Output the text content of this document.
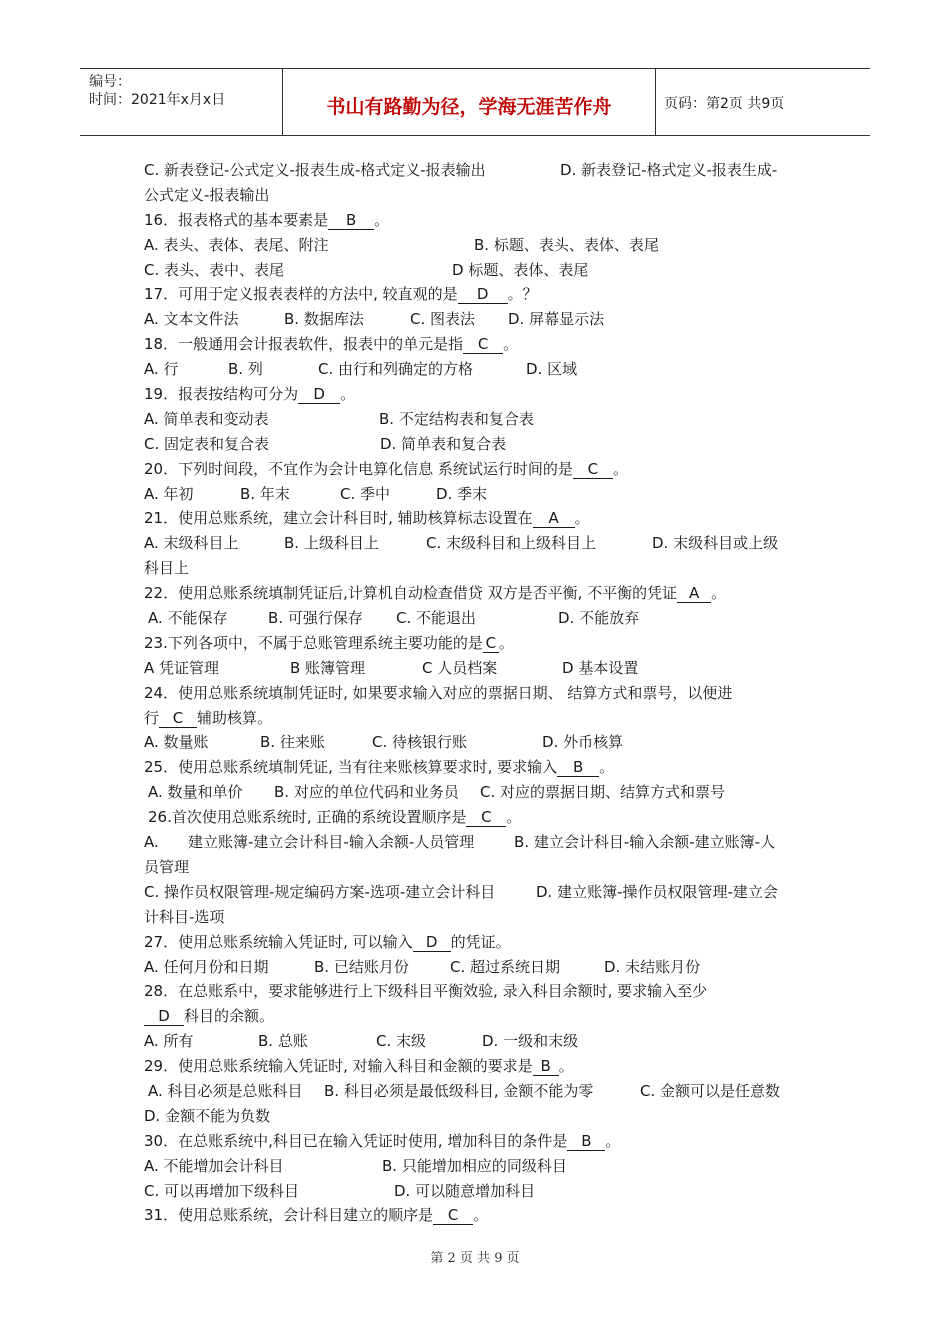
编号：
时间：2021年x月x日	书山有路勤为径，学海无涯苦作舟	页码：第2页 共9页
C. 新表登记-公式定义-报表生成-格式定义-报表输出	D. 新表登记-格式定义-报表生成-
公式定义-报表输出
16．报表格式的基本要素是 B 。
A. 表头、表体、表尾、附注	B. 标题、表头、表体、表尾
C. 表头、表中、表尾	D 标题、表体、表尾
17．可用于定义报表表样的方法中, 较直观的是 D 。？
A. 文本文件法	B. 数据库法	C. 图表法 D. 屏幕显示法
18．一般通用会计报表软件，报表中的单元是指 C 。
A. 行	B. 列	C. 由行和列确定的方格	D. 区域
19．报表按结构可分为 D 。
A. 简单表和变动表	B. 不定结构表和复合表
C. 固定表和复合表	D. 简单表和复合表
20．下列时间段，不宜作为会计电算化信息 系统试运行时间的是 C 。
A. 年初	B. 年末	C. 季中	D. 季末
21．使用总账系统，建立会计科目时, 辅助核算标志设置在 A 。
A. 末级科目上	B. 上级科目上	C. 末级科目和上级科目上	D. 末级科目或上级
科目上
22．使用总账系统填制凭证后,计算机自动检查借贷 双方是否平衡, 不平衡的凭证 A 。
A. 不能保存	B. 可强行保存 C. 不能退出	D. 不能放弃
23.下列各项中，不属于总账管理系统主要功能的是 C 。
A 凭证管理	B 账簿管理	C 人员档案	D 基本设置
24．使用总账系统填制凭证时, 如果要求输入对应的票据日期、 结算方式和票号，以便进
行 C 辅助核算。
A. 数量账	B. 往来账	C. 待核银行账	D. 外币核算
25．使用总账系统填制凭证, 当有往来账核算要求时, 要求输入 B 。
A. 数量和单价 B. 对应的单位代码和业务员 C. 对应的票据日期、结算方式和票号
26.首次使用总账系统时, 正确的系统设置顺序是 C 。
A. 建立账簿-建立会计科目-输入余额-人员管理	B. 建立会计科目-输入余额-建立账簿-人
员管理
C. 操作员权限管理-规定编码方案-选项-建立会计科目	D. 建立账簿-操作员权限管理-建立会
计科目-选项
27．使用总账系统输入凭证时, 可以输入 D 的凭证。
A. 任何月份和日期	B. 已结账月份	C. 超过系统日期	D. 未结账月份
28．在总账系中，要求能够进行上下级科目平衡效验, 录入科目余额时, 要求输入至少
D 科目的余额。
A. 所有	B. 总账	C. 末级	D. 一级和末级
29．使用总账系统输入凭证时, 对输入科目和金额的要求是 B 。
A. 科目必须是总账科目 B. 科目必须是最低级科目, 金额不能为零	C. 金额可以是任意数
D. 金额不能为负数
30．在总账系统中,科目已在输入凭证时使用, 增加科目的条件是 B 。
A. 不能增加会计科目	B. 只能增加相应的同级科目
C. 可以再增加下级科目	D. 可以随意增加科目
31．使用总账系统，会计科目建立的顺序是 C 。
第 2 页 共 9 页
